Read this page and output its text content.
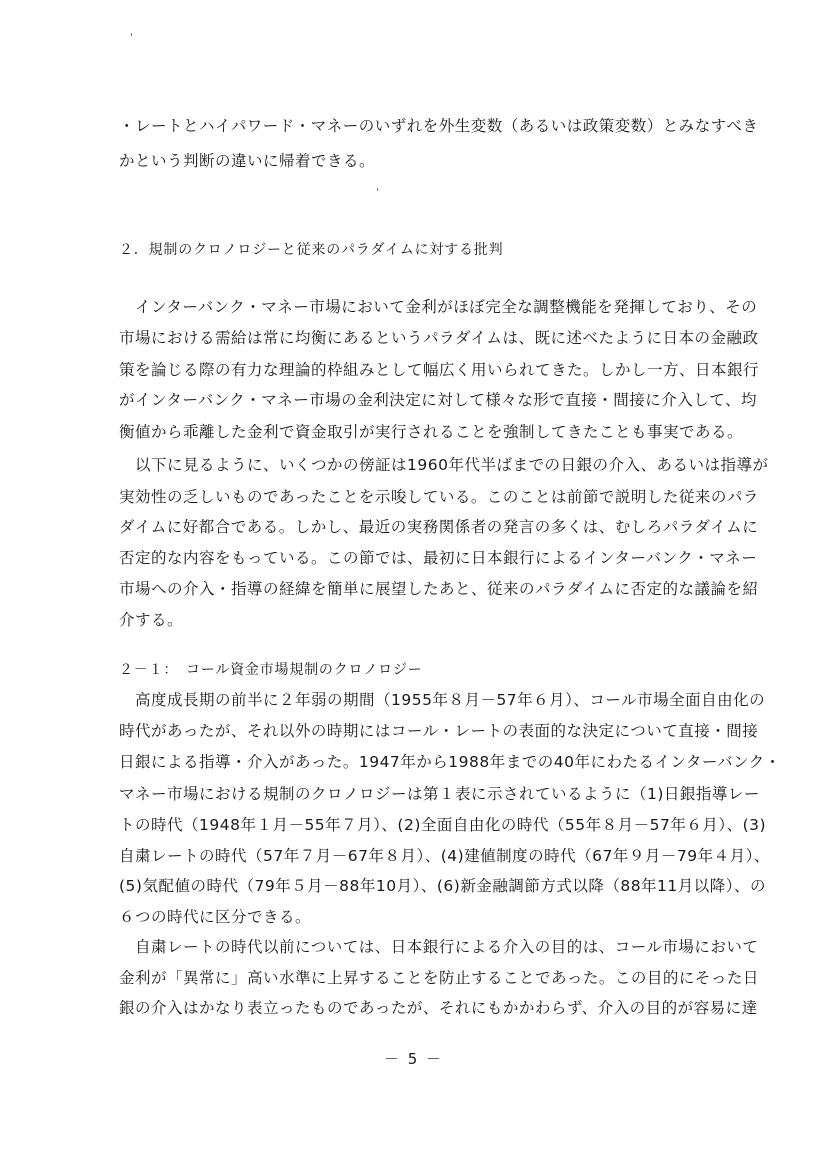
・レートとハイパワード・マネーのいずれを外生変数（あるいは政策変数）とみなすべき
かという判断の違いに帰着できる。
２．規制のクロノロジーと従来のパラダイムに対する批判
　インターバンク・マネー市場において金利がほぼ完全な調整機能を発揮しており、その
市場における需給は常に均衡にあるというパラダイムは、既に述べたように日本の金融政
策を論じる際の有力な理論的枠組みとして幅広く用いられてきた。しかし一方、日本銀行
がインターバンク・マネー市場の金利決定に対して様々な形で直接・間接に介入して、均
衡値から乖離した金利で資金取引が実行されることを強制してきたことも事実である。
　以下に見るように、いくつかの傍証は1960年代半ばまでの日銀の介入、あるいは指導が
実効性の乏しいものであったことを示唆している。このことは前節で説明した従来のパラ
ダイムに好都合である。しかし、最近の実務関係者の発言の多くは、むしろパラダイムに
否定的な内容をもっている。この節では、最初に日本銀行によるインターバンク・マネー
市場への介入・指導の経緯を簡単に展望したあと、従来のパラダイムに否定的な議論を紹
介する。
２－１：　コール資金市場規制のクロノロジー
　高度成長期の前半に２年弱の期間（1955年８月－57年６月）、コール市場全面自由化の
時代があったが、それ以外の時期にはコール・レートの表面的な決定について直接・間接
日銀による指導・介入があった。1947年から1988年までの40年にわたるインターバンク・
マネー市場における規制のクロノロジーは第１表に示されているように（1)日銀指導レー
トの時代（1948年１月－55年７月）、(2)全面自由化の時代（55年８月－57年６月）、(3)
自粛レートの時代（57年７月－67年８月）、(4)建値制度の時代（67年９月－79年４月）、
(5)気配値の時代（79年５月－88年10月）、(6)新金融調節方式以降（88年11月以降）、の
６つの時代に区分できる。
　自粛レートの時代以前については、日本銀行による介入の目的は、コール市場において
金利が「異常に」高い水準に上昇することを防止することであった。この目的にそった日
銀の介入はかなり表立ったものであったが、それにもかかわらず、介入の目的が容易に達
－ 5 －
